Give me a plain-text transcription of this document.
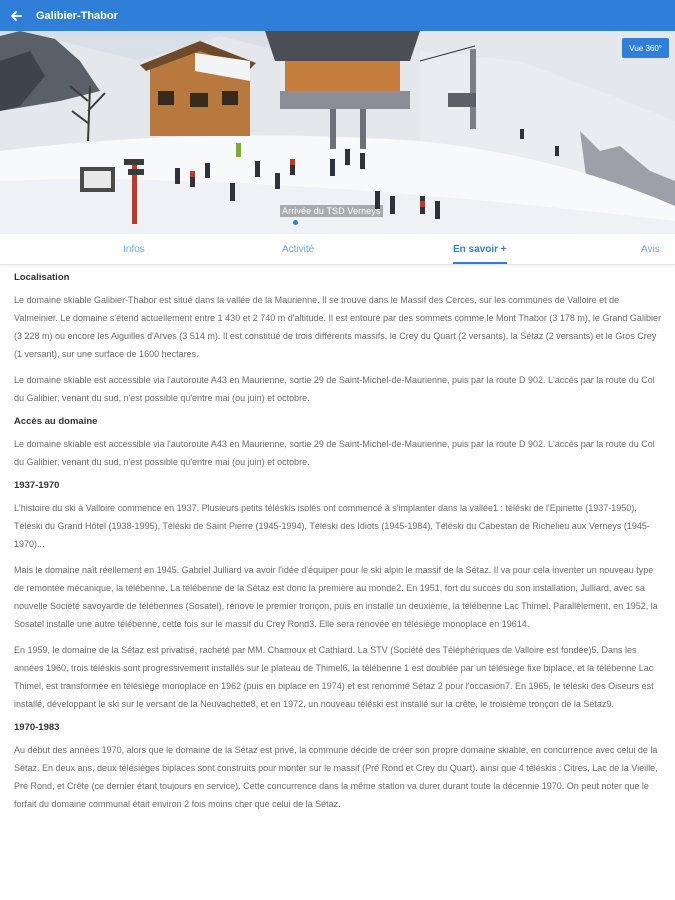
Galibier-Thabor
Vue 360°
Arrivée du TSD Verneys
Infos	Activité	En savoir +	Avis
Localisation
Le domaine skiable Galibier-Thabor est situé dans la vallée de la Maurienne. Il se trouve dans le Massif des Cerces, sur les communes de Valloire et de Valmeinier. Le domaine s'étend actuellement entre 1 430 et 2 740 m d'altitude. Il est entouré par des sommets comme le Mont Thabor (3 178 m), le Grand Galibier (3 228 m) ou encore les Aiguilles d'Arves (3 514 m). Il est constitué de trois différents massifs, le Crey du Quart (2 versants), la Sétaz (2 versants) et le Gros Crey (1 versant), sur une surface de 1600 hectares.
Le domaine skiable est accessible via l'autoroute A43 en Maurienne, sortie 29 de Saint-Michel-de-Maurienne, puis par la route D 902. L'accès par la route du Col du Galibier, venant du sud, n'est possible qu'entre mai (ou juin) et octobre.
Accès au domaine
Le domaine skiable est accessible via l'autoroute A43 en Maurienne, sortie 29 de Saint-Michel-de-Maurienne, puis par la route D 902. L'accès par la route du Col du Galibier, venant du sud, n'est possible qu'entre mai (ou juin) et octobre.
1937-1970
L'histoire du ski à Valloire commence en 1937. Plusieurs petits téléskis isolés ont commencé à s'implanter dans la vallée1 : téléski de l'Epinette (1937-1950), Téléski du Grand Hôtel (1938-1995), Téléski de Saint Pierre (1945-1994), Téléski des Idiots (1945-1984), Téléski du Cabestan de Richelieu aux Verneys (1945-1970)...
Mais le domaine naît réellement en 1945. Gabriel Julliard va avoir l'idée d'équiper pour le ski alpin le massif de la Sétaz. Il va pour cela inventer un nouveau type de remontée mécanique, la télébenne. La télébenne de la Sétaz est donc la première au monde2. En 1951, fort du succès du son installation, Julliard, avec sa nouvelle Société savoyarde de télébennes (Sosatel), rénove le premier tronçon, puis en installe un deuxième, la télébenne Lac Thimel. Parallèlement, en 1952, la Sosatel installe une autre télébenne, cette fois sur le massif du Crey Rond3. Elle sera rénovée en télésiège monoplace en 19614.
En 1959, le domaine de la Sétaz est privatisé, racheté par MM. Chamoux et Cathiard. La STV (Société des Téléphériques de Valloire est fondée)5. Dans les années 1960, trois téléskis sont progressivement installés sur le plateau de Thimel6, la télébenne 1 est doublée par un télésiège fixe biplace, et la télébenne Lac Thimel, est transformée en télésiège monoplace en 1962 (puis en biplace en 1974) et est renommé Sétaz 2 pour l'occasion7. En 1965, le téléski des Oiseurs est installé, développant le ski sur le versant de la Neuvachette8, et en 1972, un nouveau téléski est installé sur la crête, le troisième tronçon de la Sétaz9.
1970-1983
Au début des années 1970, alors que le domaine de la Sétaz est privé, la commune décide de créer son propre domaine skiable, en concurrence avec celui de la Sétaz. En deux ans, deux télésièges biplaces sont construits pour monter sur le massif (Pré Rond et Crey du Quart), ainsi que 4 téléskis : Citres, Lac de la Vieille, Pré Rond, et Crête (ce dernier étant toujours en service). Cette concurrence dans la même station va durer durant toute la décennie 1970. On peut noter que le forfait du domaine communal était environ 2 fois moins cher que celui de la Sétaz.
